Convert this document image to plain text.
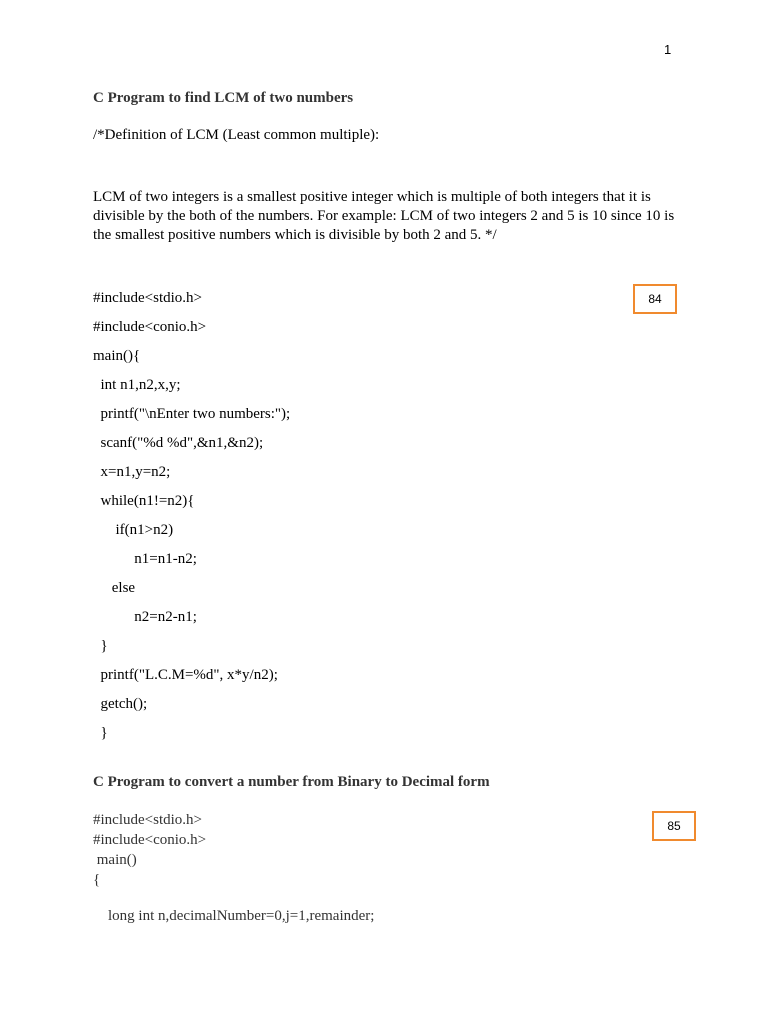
1
C Program to find LCM of two numbers
/*Definition of LCM (Least common multiple):
LCM of two integers is a smallest positive integer which is multiple of both integers that it is divisible by the both of the numbers. For example: LCM of two integers 2 and 5 is 10 since 10 is the smallest positive numbers which is divisible by both 2 and 5. */
84
#include<stdio.h>
#include<conio.h>
main(){
int n1,n2,x,y;
printf("\nEnter two numbers:");
scanf("%d %d",&n1,&n2);
x=n1,y=n2;
while(n1!=n2){
if(n1>n2)
n1=n1-n2;
else
n2=n2-n1;
}
printf("L.C.M=%d", x*y/n2);
getch();
}
C Program to convert a number from Binary to Decimal form
85
#include<stdio.h>
#include<conio.h>
main()
{
long int n,decimalNumber=0,j=1,remainder;
